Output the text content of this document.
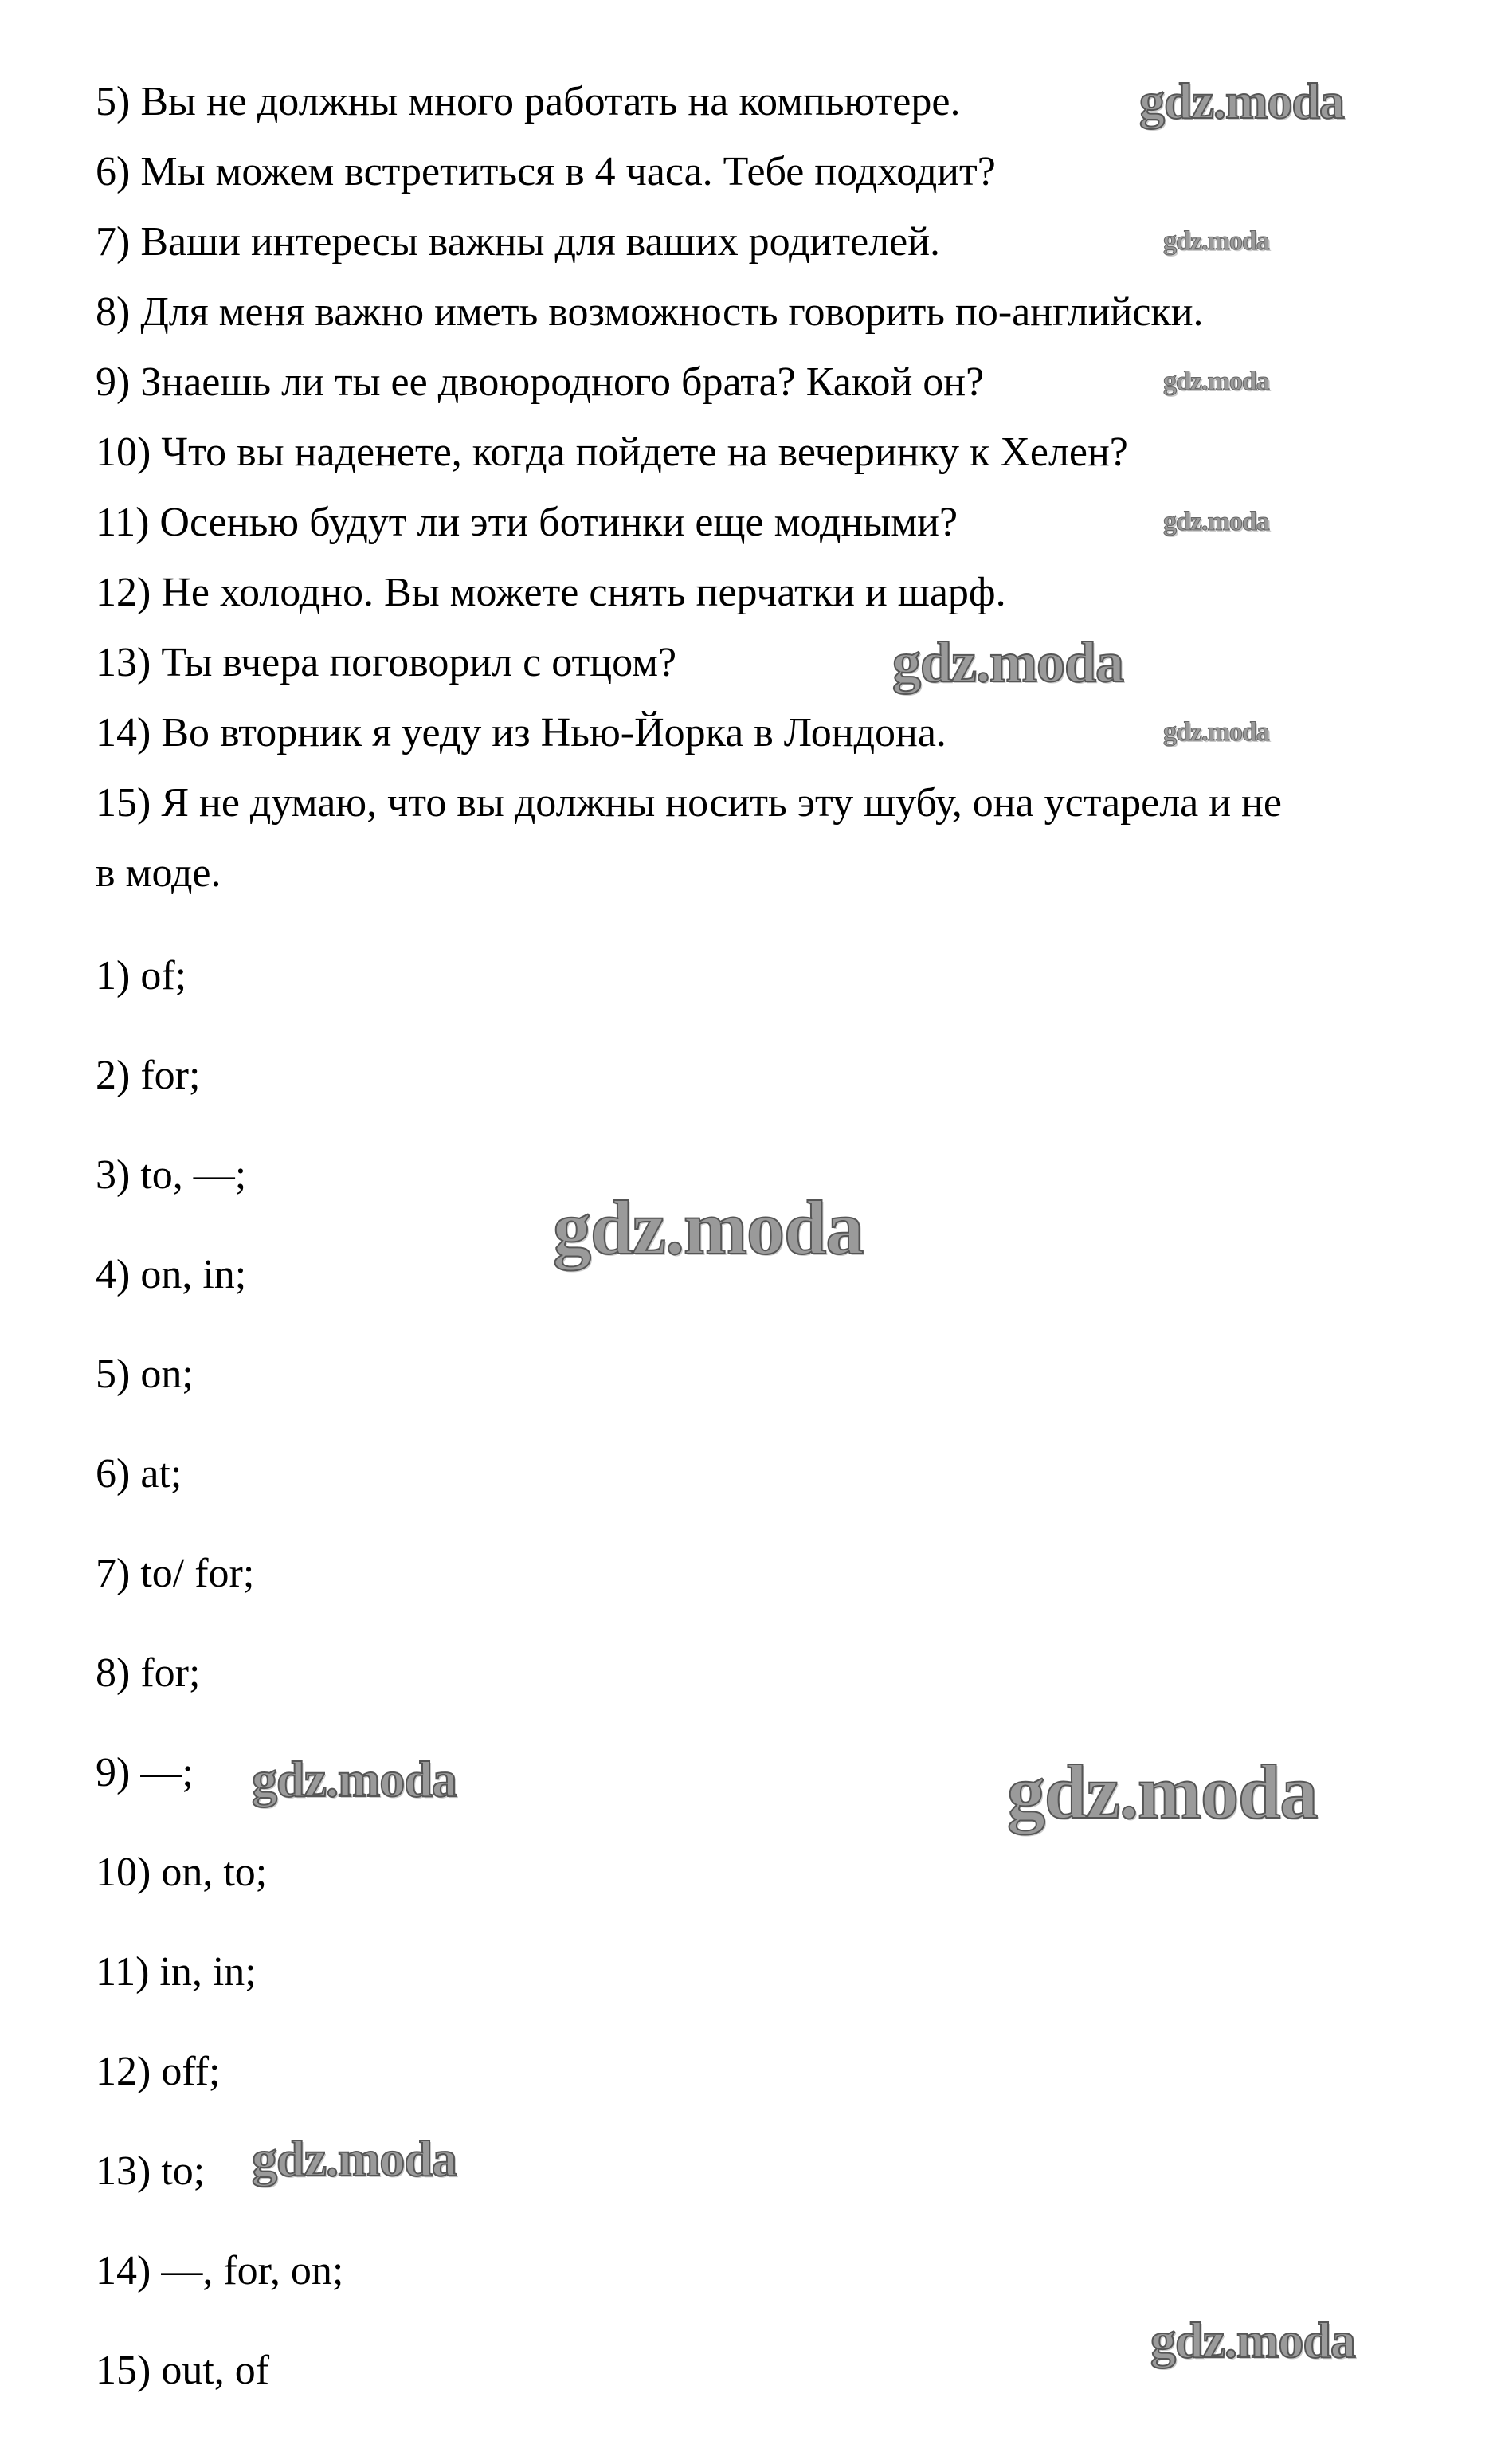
5) Вы не должны много работать на компьютере.
6) Мы можем встретиться в 4 часа. Тебе подходит?
7) Ваши интересы важны для ваших родителей.
8) Для меня важно иметь возможность говорить по-английски.
9) Знаешь ли ты ее двоюродного брата? Какой он?
10) Что вы наденете, когда пойдете на вечеринку к Хелен?
11) Осенью будут ли эти ботинки еще модными?
12) Не холодно. Вы можете снять перчатки и шарф.
13) Ты вчера поговорил с отцом?
14) Во вторник я уеду из Нью-Йорка в Лондона.
15) Я не думаю, что вы должны носить эту шубу, она устарела и не
в моде.
1) of;
2) for;
3) to, —;
4) on, in;
5) on;
6) at;
7) to/ for;
8) for;
9) —;
10) on, to;
11) in, in;
12) off;
13) to;
14) —, for, on;
15) out, of
gdz.moda
gdz.moda
gdz.moda
gdz.moda
gdz.moda
gdz.moda
gdz.moda
gdz.moda	gdz.moda
gdz.moda
gdz.moda
